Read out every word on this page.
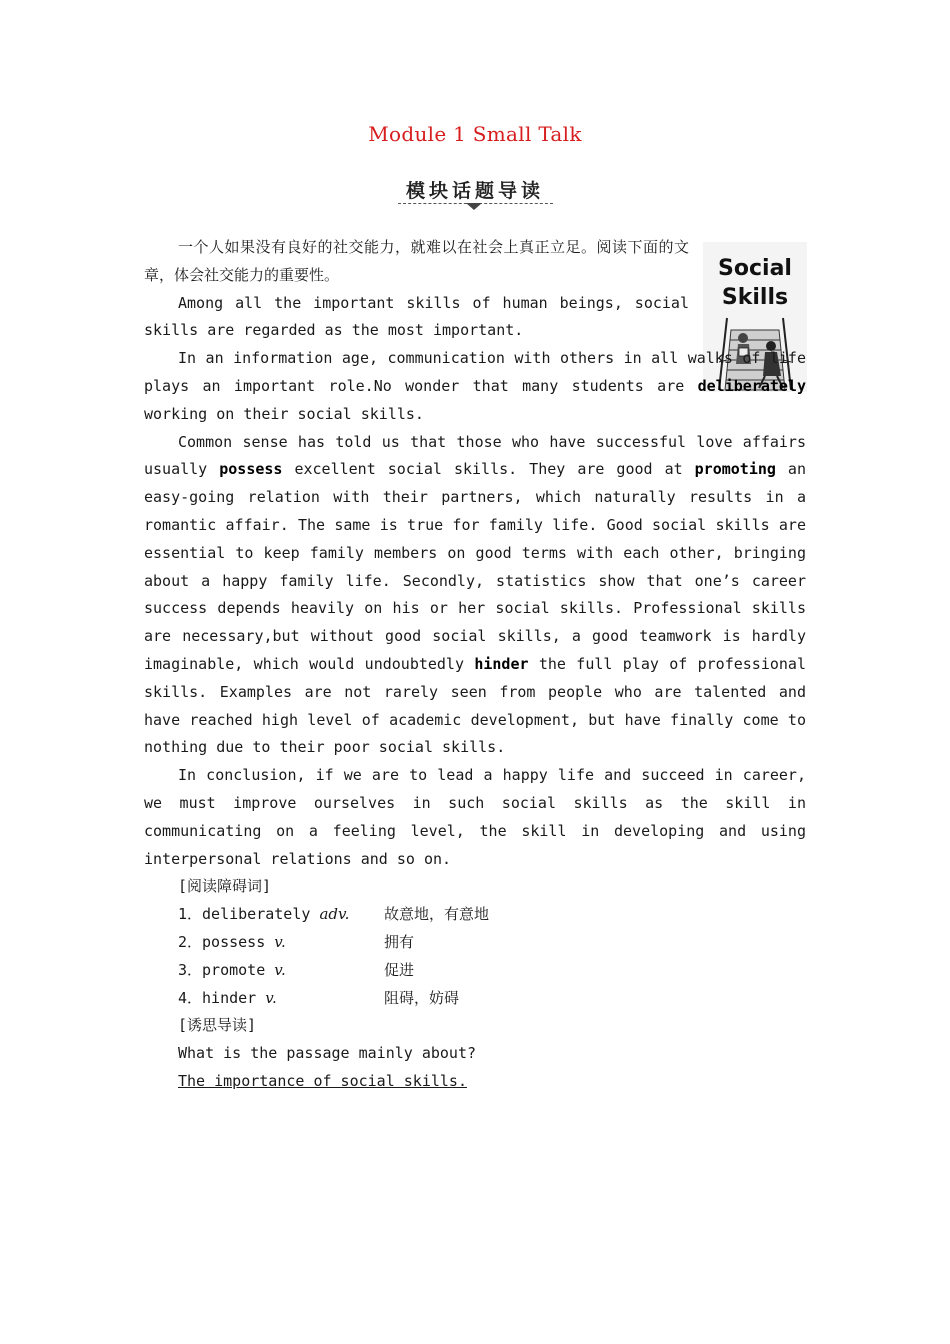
Module 1 Small Talk
模块话题导读
Social
Skills

一个人如果没有良好的社交能力，就难以在社会上真正立足。阅读下面的文章，体会社交能力的重要性。

Among all the important skills of human beings, social skills are regarded as the most important.

In an information age, communication with others in all walks of life plays an important role.No wonder that many students are deliberately working on their social skills.

Common sense has told us that those who have successful love affairs usually possess excellent social skills. They are good at promoting an easy-going relation with their partners, which naturally results in a romantic affair. The same is true for family life. Good social skills are essential to keep family members on good terms with each other, bringing about a happy family life. Secondly, statistics show that one’s career success depends heavily on his or her social skills. Professional skills are necessary,but without good social skills, a good teamwork is hardly imaginable, which would undoubtedly hinder the full play of professional skills. Examples are not rarely seen from people who are talented and have reached high level of academic development, but have finally come to nothing due to their poor social skills.

In conclusion, if we are to lead a happy life and succeed in career, we must improve ourselves in such social skills as the skill in communicating on a feeling level, the skill in developing and using interpersonal relations and so on.

[阅读障碍词]

1．deliberately adv.	故意地，有意地
2．possess v.	拥有
3．promote v.	促进
4．hinder v.	阻碍，妨碍

[诱思导读]

What is the passage mainly about?

The importance of social skills.
